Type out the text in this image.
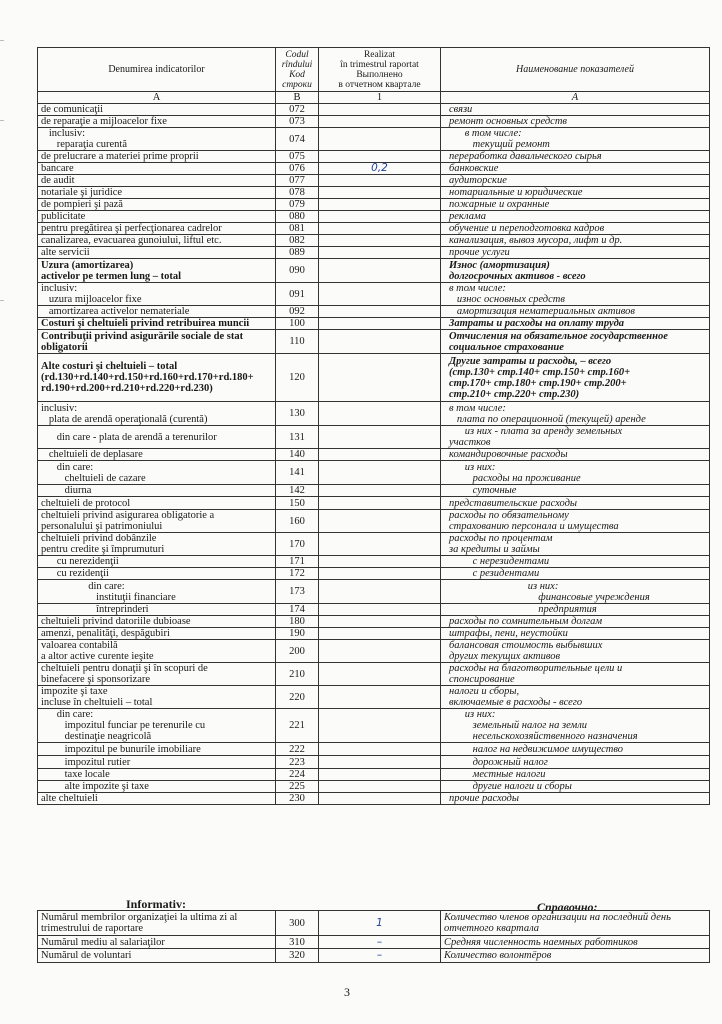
Denumirea indicatorilor	Codul
rîndului
Kod
строки	Realizat
în trimestrul raportat
Выполнено
в отчетном квартале	Наименование показателей
A	B	1	A
de comunicaţii	072		связи
de reparaţie a mijloacelor fixe	073		ремонт основных средств
inclusiv:
reparaţia curentă	074		в том числе:
текущий ремонт
de prelucrare a materiei prime proprii	075		переработка давальческого сырья
bancare	076	0,2	банковские
de audit	077		аудиторские
notariale şi juridice	078		нотариальные и юридические
de pompieri şi pază	079		пожарные и охранные
publicitate	080		реклама
pentru pregătirea şi perfecţionarea cadrelor	081		обучение и переподготовка кадров
canalizarea, evacuarea gunoiului, liftul etc.	082		канализация, вывоз мусора, лифт и др.
alte servicii	089		прочие услуги
Uzura (amortizarea)
activelor pe termen lung – total	090		Износ (амортизация)
долгосрочных активов - всего
inclusiv:
uzura mijloacelor fixe	091		в том числе:
износ основных средств
amortizarea activelor nemateriale	092		амортизация нематериальных активов
Costuri şi cheltuieli privind retribuirea muncii	100		Затраты и расходы на оплату труда
Contribuţii privind asigurările sociale de stat obligatorii	110		Отчисления на обязательное государственное социальное страхование
Alte costuri şi cheltuieli – total
(rd.130+rd.140+rd.150+rd.160+rd.170+rd.180+
rd.190+rd.200+rd.210+rd.220+rd.230)	120		Другие затраты и расходы, – всего
(стр.130+ стр.140+ стр.150+ стр.160+
стр.170+ стр.180+ стр.190+ стр.200+
стр.210+ стр.220+ стр.230)
inclusiv:
plata de arendă operaţională (curentă)	130		в том числе:
плата по операционной (текущей) аренде
din care - plata de arendă a terenurilor	131		из них - плата за аренду земельных
участков
cheltuieli de deplasare	140		командировочные расходы
din care:
cheltuieli de cazare	141		из них:
расходы на проживание
diurna	142		суточные
cheltuieli de protocol	150		представительские расходы
cheltuieli privind asigurarea obligatorie a
personalului şi patrimoniului	160		расходы по обязательному
страхованию персонала и имущества
cheltuieli privind dobânzile
pentru credite şi împrumuturi	170		расходы по процентам
за кредиты и займы
cu nerezidenţii	171		с нерезидентами
cu rezidenţii	172		с резидентами
din care:
instituţii financiare	173		из них:
финансовые учреждения
întreprinderi	174		предприятия
cheltuieli privind datoriile dubioase	180		расходы по сомнительным долгам
amenzi, penalităţi, despăgubiri	190		штрафы, пени, неустойки
valoarea contabilă
a altor active curente ieşite	200		балансовая стоимость выбывших
других текущих активов
cheltuieli pentru donaţii şi în scopuri de
binefacere şi sponsorizare	210		расходы на благотворительные цели и
спонсирование
impozite şi taxe
incluse în cheltuieli – total	220		налоги и сборы,
включаемые в расходы - всего
din care:
impozitul funciar pe terenurile cu
destinaţie neagricolă	221		из них:
земельный налог на земли
несельскохозяйственного назначения
impozitul pe bunurile imobiliare	222		налог на недвижимое имущество
impozitul rutier	223		дорожный налог
taxe locale	224		местные налоги
alte impozite şi taxe	225		другие налоги и сборы
alte cheltuieli	230		прочие расходы
Informativ:	Справочно:
Numărul membrilor organizaţiei la ultima zi al trimestrului de raportare	300	1	Количество членов организации на последний день отчетного квартала
Numărul mediu al salariaţilor	310	–	Средняя численность наемных работников
Numărul de voluntari	320	–	Количество волонтёров
3
